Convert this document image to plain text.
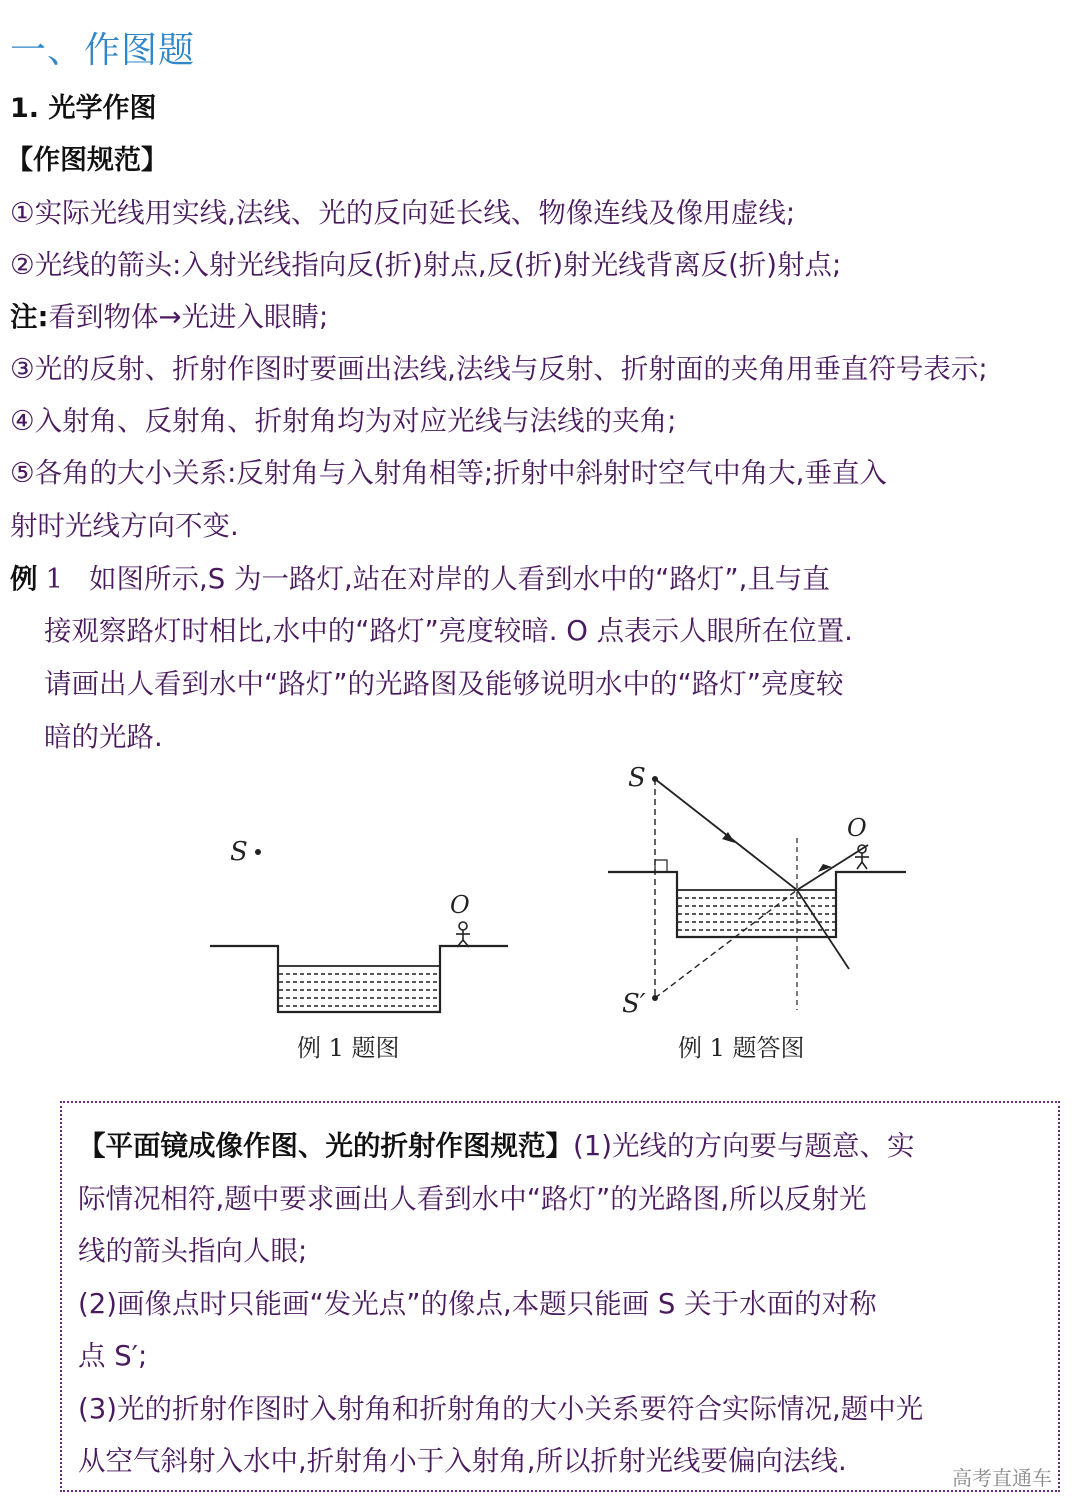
一、作图题
1. 光学作图
【作图规范】
①实际光线用实线,法线、光的反向延长线、物像连线及像用虚线;
②光线的箭头:入射光线指向反(折)射点,反(折)射光线背离反(折)射点;
注:看到物体→光进入眼睛;
③光的反射、折射作图时要画出法线,法线与反射、折射面的夹角用垂直符号表示;
④入射角、反射角、折射角均为对应光线与法线的夹角;
⑤各角的大小关系:反射角与入射角相等;折射中斜射时空气中角大,垂直入
射时光线方向不变.
例 1 如图所示,S 为一路灯,站在对岸的人看到水中的“路灯”,且与直
接观察路灯时相比,水中的“路灯”亮度较暗. O 点表示人眼所在位置.
请画出人看到水中“路灯”的光路图及能够说明水中的“路灯”亮度较
暗的光路.
S
O
例 1 题图
S
S′
O
例 1 题答图
【平面镜成像作图、光的折射作图规范】(1)光线的方向要与题意、实
际情况相符,题中要求画出人看到水中“路灯”的光路图,所以反射光
线的箭头指向人眼;
(2)画像点时只能画“发光点”的像点,本题只能画 S 关于水面的对称
点 S′;
(3)光的折射作图时入射角和折射角的大小关系要符合实际情况,题中光
从空气斜射入水中,折射角小于入射角,所以折射光线要偏向法线.
高考直通车
